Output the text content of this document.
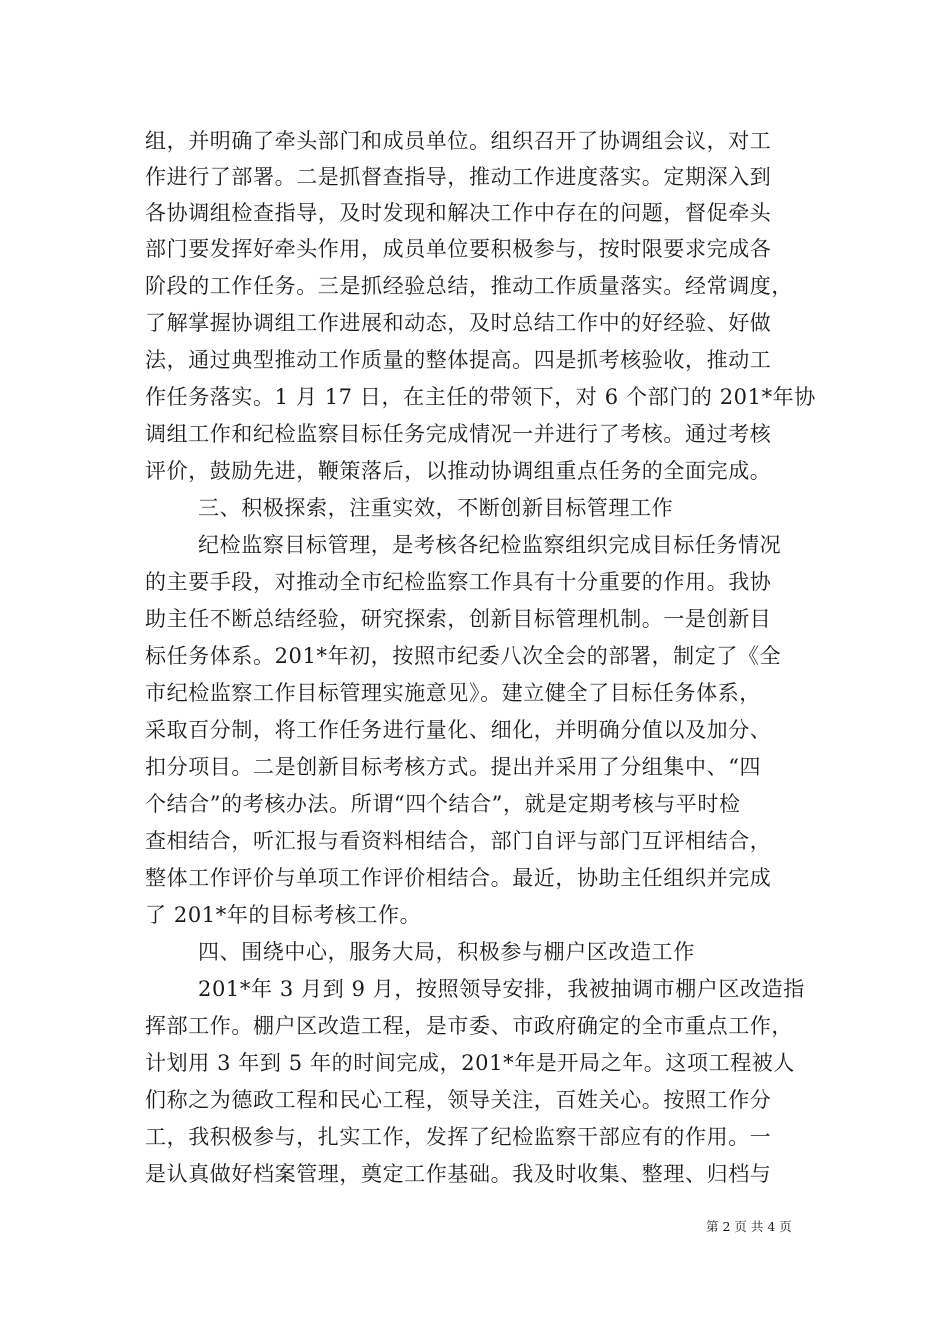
组，并明确了牵头部门和成员单位。组织召开了协调组会议，对工
作进行了部署。二是抓督查指导，推动工作进度落实。定期深入到
各协调组检查指导，及时发现和解决工作中存在的问题，督促牵头
部门要发挥好牵头作用，成员单位要积极参与，按时限要求完成各
阶段的工作任务。三是抓经验总结，推动工作质量落实。经常调度，
了解掌握协调组工作进展和动态，及时总结工作中的好经验、好做
法，通过典型推动工作质量的整体提高。四是抓考核验收，推动工
作任务落实。1 月 17 日，在主任的带领下，对 6 个部门的 201*年协
调组工作和纪检监察目标任务完成情况一并进行了考核。通过考核
评价，鼓励先进，鞭策落后，以推动协调组重点任务的全面完成。
三、积极探索，注重实效，不断创新目标管理工作
纪检监察目标管理，是考核各纪检监察组织完成目标任务情况
的主要手段，对推动全市纪检监察工作具有十分重要的作用。我协
助主任不断总结经验，研究探索，创新目标管理机制。一是创新目
标任务体系。201*年初，按照市纪委八次全会的部署，制定了《全
市纪检监察工作目标管理实施意见》。建立健全了目标任务体系，
采取百分制，将工作任务进行量化、细化，并明确分值以及加分、
扣分项目。二是创新目标考核方式。提出并采用了分组集中、“四
个结合”的考核办法。所谓“四个结合”，就是定期考核与平时检
查相结合，听汇报与看资料相结合，部门自评与部门互评相结合，
整体工作评价与单项工作评价相结合。最近，协助主任组织并完成
了 201*年的目标考核工作。
四、围绕中心，服务大局，积极参与棚户区改造工作
201*年 3 月到 9 月，按照领导安排，我被抽调市棚户区改造指
挥部工作。棚户区改造工程，是市委、市政府确定的全市重点工作，
计划用 3 年到 5 年的时间完成，201*年是开局之年。这项工程被人
们称之为德政工程和民心工程，领导关注，百姓关心。按照工作分
工，我积极参与，扎实工作，发挥了纪检监察干部应有的作用。一
是认真做好档案管理，奠定工作基础。我及时收集、整理、归档与
第 2 页 共 4 页
